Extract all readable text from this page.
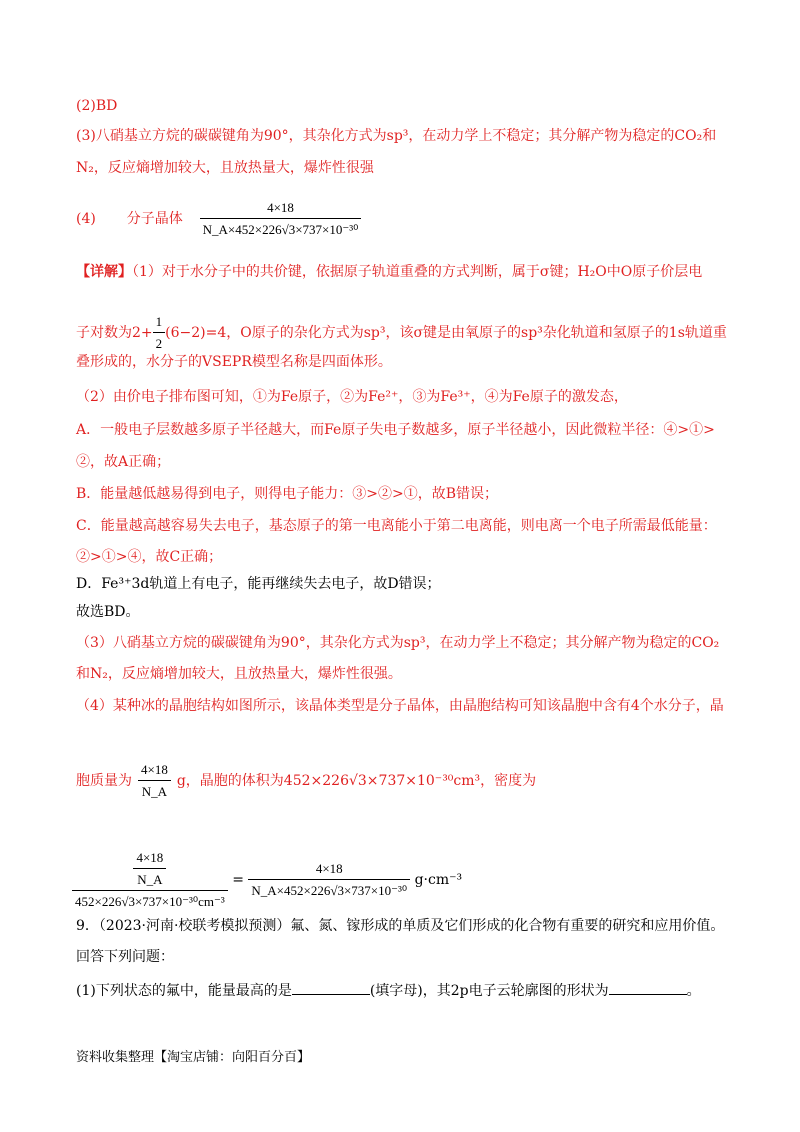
(2)BD
(3)八硝基立方烷的碳碳键角为90°，其杂化方式为sp³，在动力学上不稳定；其分解产物为稳定的CO₂和
N₂，反应熵增加较大，且放热量大，爆炸性很强
(4) 分子晶体 $\frac{4\times 18}{\text{N\_A×452×226√3×737×10⁻³⁰}}$
【详解】（1）对于水分子中的共价键，依据原子轨道重叠的方式判断，属于σ键；H₂O中O原子价层电
子对数为$2+ \frac{1}{2} (6-2)=4$，O原子的杂化方式为sp³，该σ键是由氧原子的sp³杂化轨道和氢原子的1s轨道重
叠形成的，水分子的VSEPR模型名称是四面体形。
（2）由价电子排布图可知，①为Fe原子，②为Fe²⁺，③为Fe³⁺，④为Fe原子的激发态，
A．一般电子层数越多原子半径越大，而Fe原子失电子数越多，原子半径越小，因此微粒半径：④>①>
②，故A正确；
B．能量越低越易得到电子，则得电子能力：③>②>①，故B错误；
C．能量越高越容易失去电子，基态原子的第一电离能小于第二电离能，则电离一个电子所需最低能量：
②>①>④，故C正确；
D．Fe³⁺3d轨道上有电子，能再继续失去电子，故D错误；
故选BD。
（3）八硝基立方烷的碳碳键角为90°，其杂化方式为sp³，在动力学上不稳定；其分解产物为稳定的CO₂
和N₂，反应熵增加较大，且放热量大，爆炸性很强。
（4）某种冰的晶胞结构如图所示，该晶体类型是分子晶体，由晶胞结构可知该晶胞中含有4个水分子，晶
胞质量为 $\frac{4\times 18}{N\_A}$ g，晶胞的体积为452×226√3×737×10⁻³⁰cm³，密度为
$\frac{\frac{4\times 18}{N\_A}}{\text{452×226√3×737×10⁻³⁰cm⁻³}} = \frac{4\times 18}{\text{N\_A×452×226√3×737×10⁻³⁰}} g\cdot cm^{-3}$
9．（2023·河南·校联考模拟预测）氟、氮、镓形成的单质及它们形成的化合物有重要的研究和应用价值。
回答下列问题：
(1)下列状态的氟中，能量最高的是	(填字母)，其2p电子云轮廓图的形状为	。
资料收集整理【淘宝店铺：向阳百分百】
